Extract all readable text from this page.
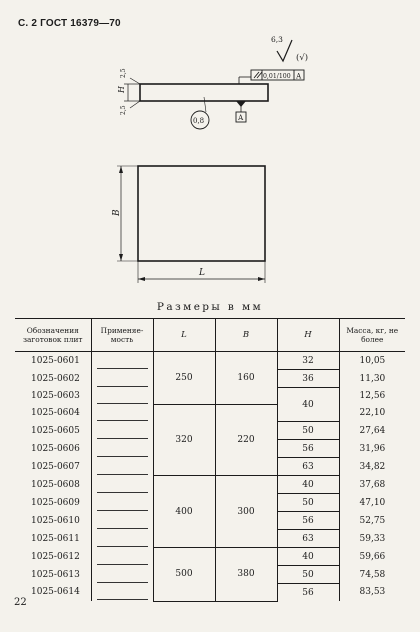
С. 2 ГОСТ 16379—70
6,3
(√)
0,01/100 А
А
H
2,5
2,5
0,8
B
L
Размеры в мм
Обозначения заготовок плит	Применяе-мость	L	B	H	Масса, кг, не более
1025-0601		250	160	32	10,05
1025-0602				36	11,30
1025-0603				40	12,56
1025-0604		320	220		22,10
1025-0605				50	27,64
1025-0606				56	31,96
1025-0607				63	34,82
1025-0608		400	300	40	37,68
1025-0609				50	47,10
1025-0610				56	52,75
1025-0611				63	59,33
1025-0612		500	380	40	59,66
1025-0613				50	74,58
1025-0614				56	83,53
22
